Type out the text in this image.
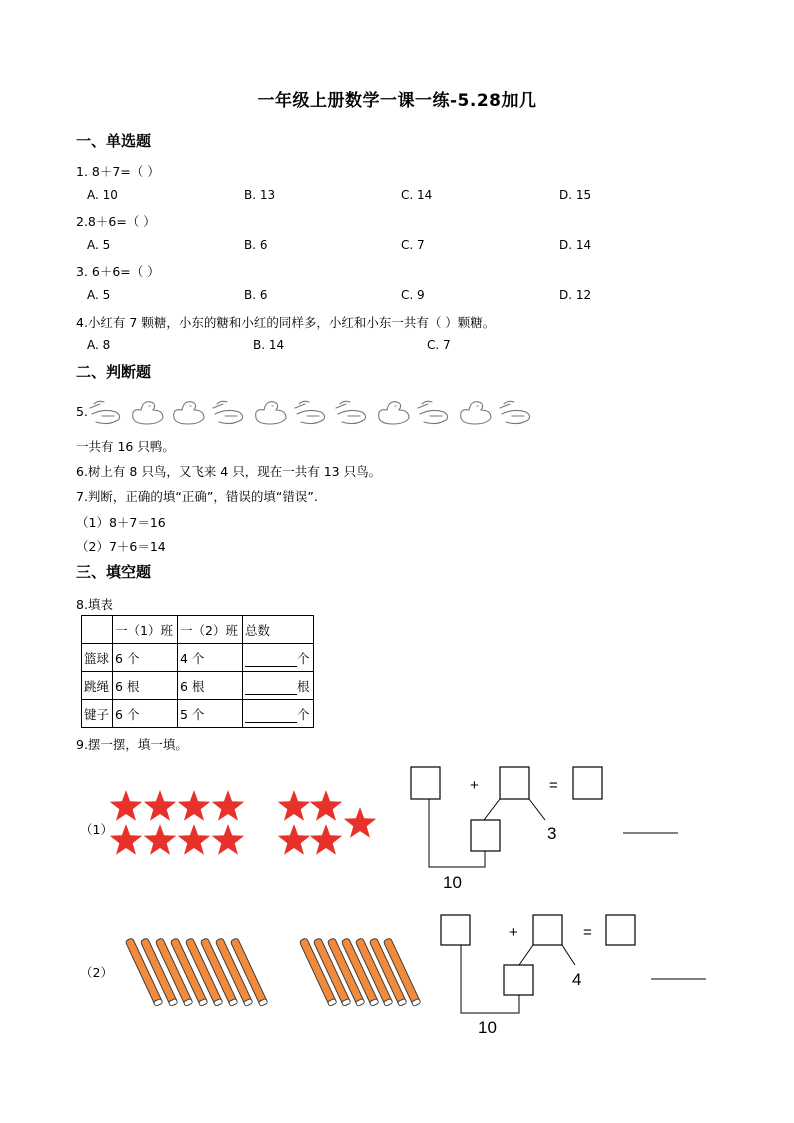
一年级上册数学一课一练-5.28加几
一、单选题
1. 8＋7=（ ）
A. 10	B. 13	C. 14	D. 15
2.8＋6=（ ）
A. 5	B. 6	C. 7	D. 14
3. 6＋6=（ ）
A. 5	B. 6	C. 9	D. 12
4.小红有 7 颗糖，小东的糖和小红的同样多，小红和小东一共有（ ）颗糖。
A. 8	B. 14	C. 7
二、判断题
5.
一共有 16 只鸭。
6.树上有 8 只鸟，又飞来 4 只，现在一共有 13 只鸟。
7.判断，正确的填“正确”，错误的填“错误”.
（1）8＋7＝16
（2）7＋6＝14
三、填空题
8.填表
	一（1）班	一（2）班	总数
篮球	6 个	4 个	个
跳绳	6 根	6 根	根
键子	6 个	5 个	个
9.摆一摆，填一填。
（1）
+	=
3
10
（2）
+	=
4
10
